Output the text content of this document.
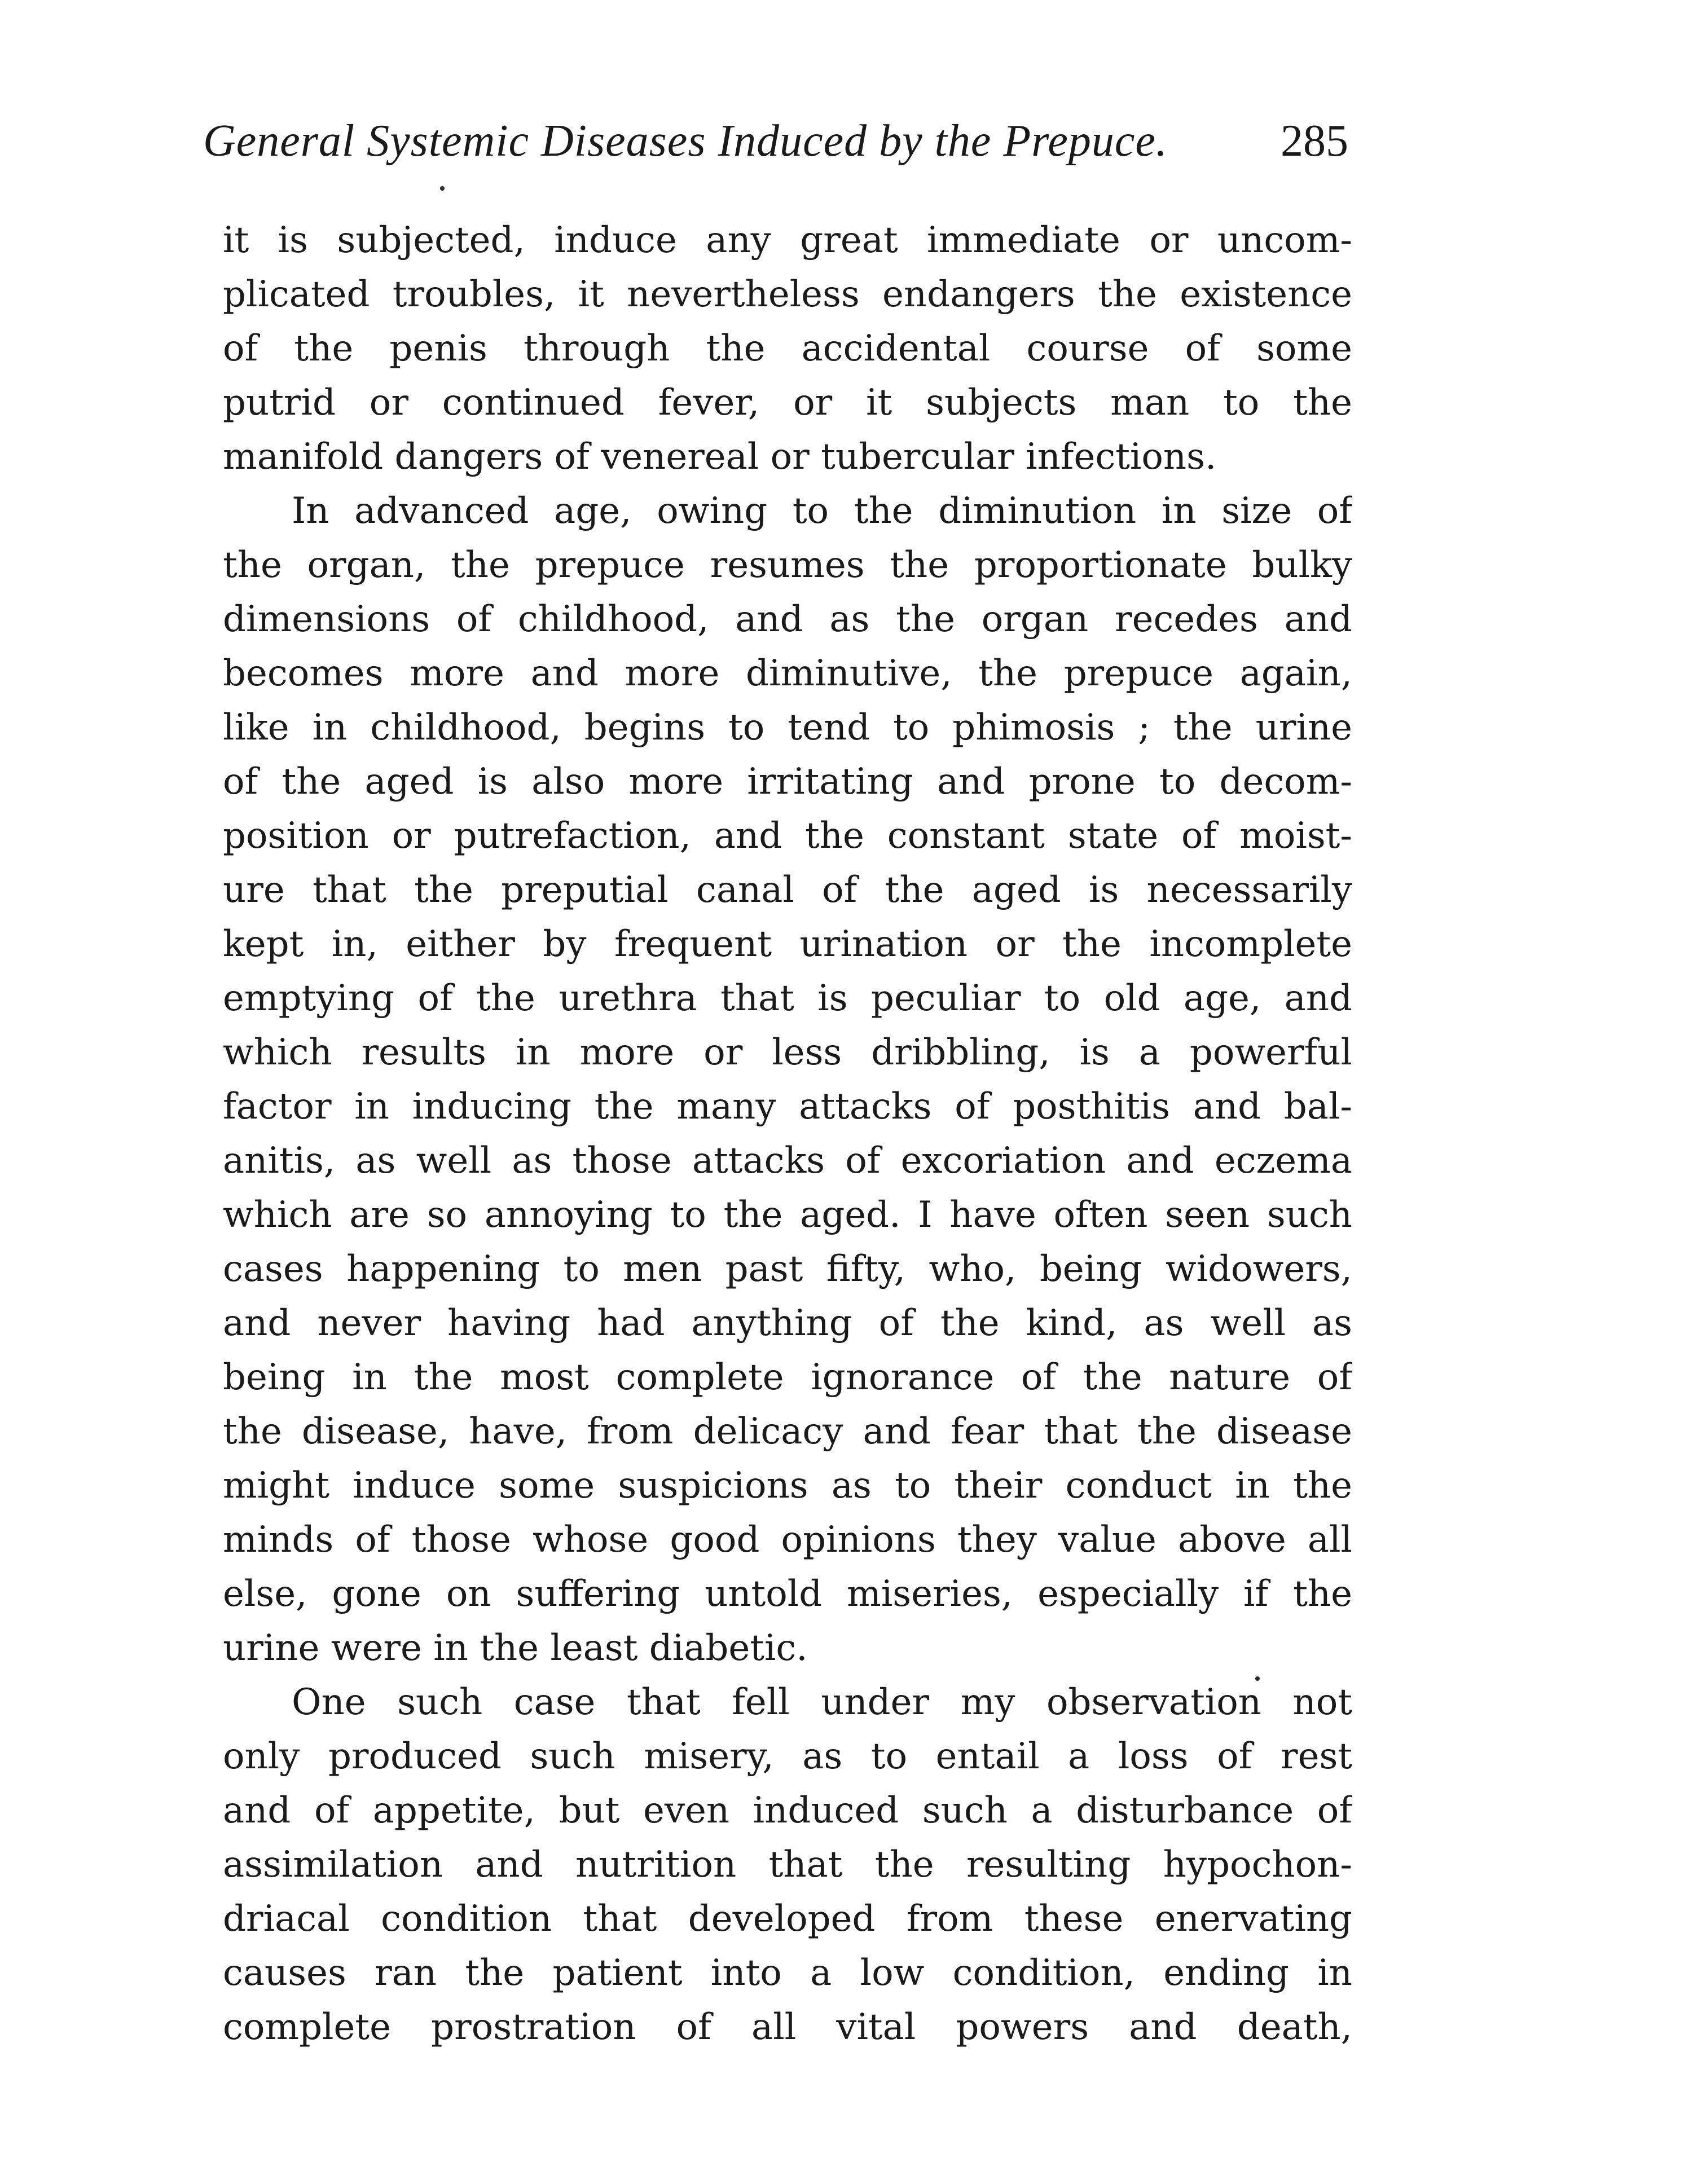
General Systemic Diseases Induced by the Prepuce.	285
it is subjected, induce any great immediate or uncom-
plicated troubles, it nevertheless endangers the existence
of the penis through the accidental course of some
putrid or continued fever, or it subjects man to the
manifold dangers of venereal or tubercular infections.
In advanced age, owing to the diminution in size of
the organ, the prepuce resumes the proportionate bulky
dimensions of childhood, and as the organ recedes and
becomes more and more diminutive, the prepuce again,
like in childhood, begins to tend to phimosis ; the urine
of the aged is also more irritating and prone to decom-
position or putrefaction, and the constant state of moist-
ure that the preputial canal of the aged is necessarily
kept in, either by frequent urination or the incomplete
emptying of the urethra that is peculiar to old age, and
which results in more or less dribbling, is a powerful
factor in inducing the many attacks of posthitis and bal-
anitis, as well as those attacks of excoriation and eczema
which are so annoying to the aged. I have often seen such
cases happening to men past fifty, who, being widowers,
and never having had anything of the kind, as well as
being in the most complete ignorance of the nature of
the disease, have, from delicacy and fear that the disease
might induce some suspicions as to their conduct in the
minds of those whose good opinions they value above all
else, gone on suffering untold miseries, especially if the
urine were in the least diabetic.
One such case that fell under my observation not
only produced such misery, as to entail a loss of rest
and of appetite, but even induced such a disturbance of
assimilation and nutrition that the resulting hypochon-
driacal condition that developed from these enervating
causes ran the patient into a low condition, ending in
complete prostration of all vital powers and death,
